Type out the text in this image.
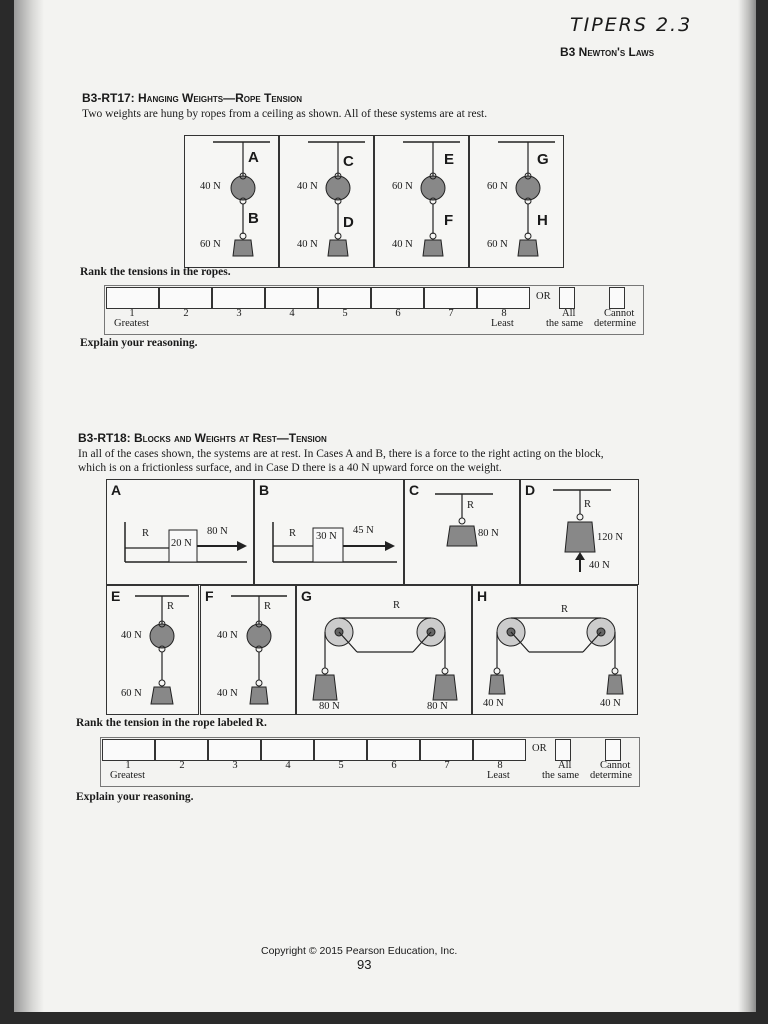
TIPERS 2.3
B3 Newton's Laws
B3-RT17: Hanging Weights—Rope Tension
Two weights are hung by ropes from a ceiling as shown. All of these systems are at rest.
A
B
40 N
60 N
C
D
40 N
40 N
E
F
60 N
40 N
G
H
60 N
60 N
Rank the tensions in the ropes.
1	2	3	4	5	6	7	8
Greatest	Least
OR
All
the same
Cannot
determine
Explain your reasoning.
B3-RT18: Blocks and Weights at Rest—Tension
In all of the cases shown, the systems are at rest. In Cases A and B, there is a force to the right acting on the block,
which is on a frictionless surface, and in Case D there is a 40 N upward force on the weight.
A
R
20 N
80 N
B
R 30 N
45 N
C
R
80 N
D
R
120 N
40 N
E
R
40 N
60 N
F
R
40 N
40 N
G
R
80 N	80 N
H
R
40 N	40 N
Rank the tension in the rope labeled R.
1	2	3	4	5	6	7	8
Greatest	Least
OR
All
the same
Cannot
determine
Explain your reasoning.
Copyright © 2015 Pearson Education, Inc.
93
